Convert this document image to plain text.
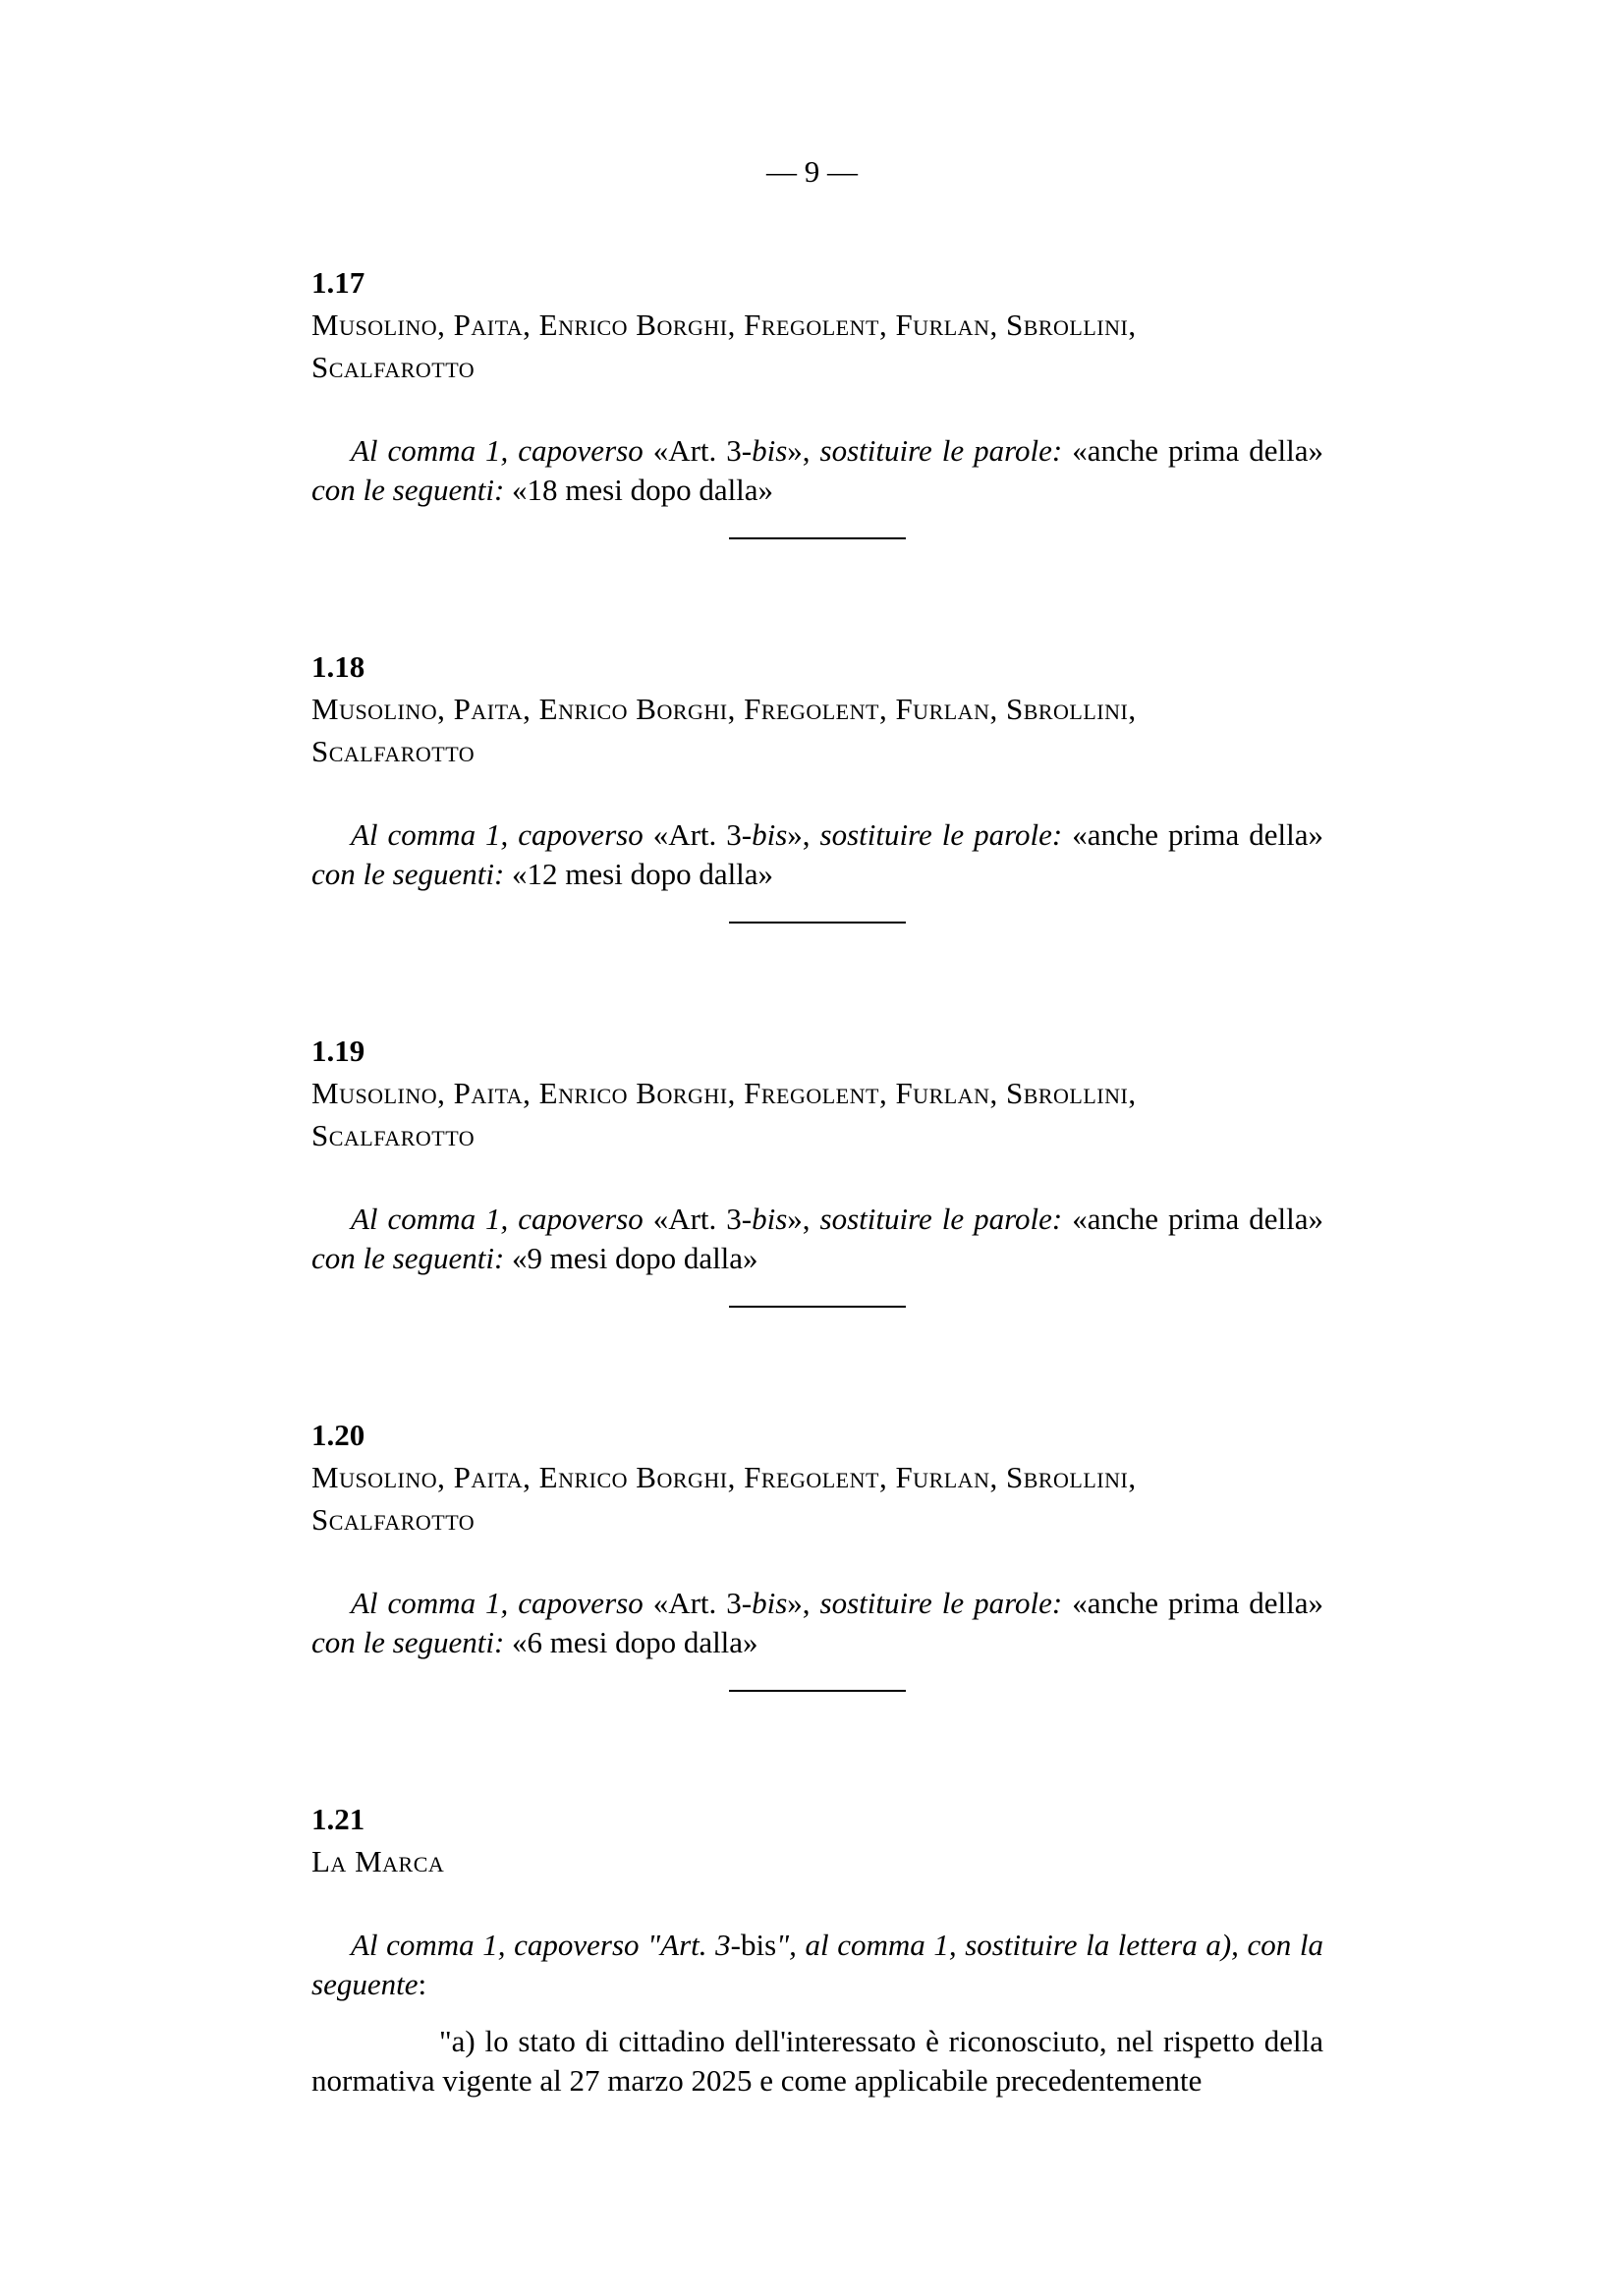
— 9 —

1.17

Musolino, Paita, Enrico Borghi, Fregolent, Furlan, Sbrollini,
Scalfarotto

Al comma 1, capoverso «Art. 3-bis», sostituire le parole: «anche prima della» con le seguenti: «18 mesi dopo dalla»

1.18

Musolino, Paita, Enrico Borghi, Fregolent, Furlan, Sbrollini,
Scalfarotto

Al comma 1, capoverso «Art. 3-bis», sostituire le parole: «anche prima della» con le seguenti: «12 mesi dopo dalla»

1.19

Musolino, Paita, Enrico Borghi, Fregolent, Furlan, Sbrollini,
Scalfarotto

Al comma 1, capoverso «Art. 3-bis», sostituire le parole: «anche prima della» con le seguenti: «9 mesi dopo dalla»

1.20

Musolino, Paita, Enrico Borghi, Fregolent, Furlan, Sbrollini,
Scalfarotto

Al comma 1, capoverso «Art. 3-bis», sostituire le parole: «anche prima della» con le seguenti: «6 mesi dopo dalla»

1.21

La Marca

Al comma 1, capoverso "Art. 3-bis", al comma 1, sostituire la lettera a), con la seguente:

"a) lo stato di cittadino dell'interessato è riconosciuto, nel rispetto della normativa vigente al 27 marzo 2025 e come applicabile precedentemente
